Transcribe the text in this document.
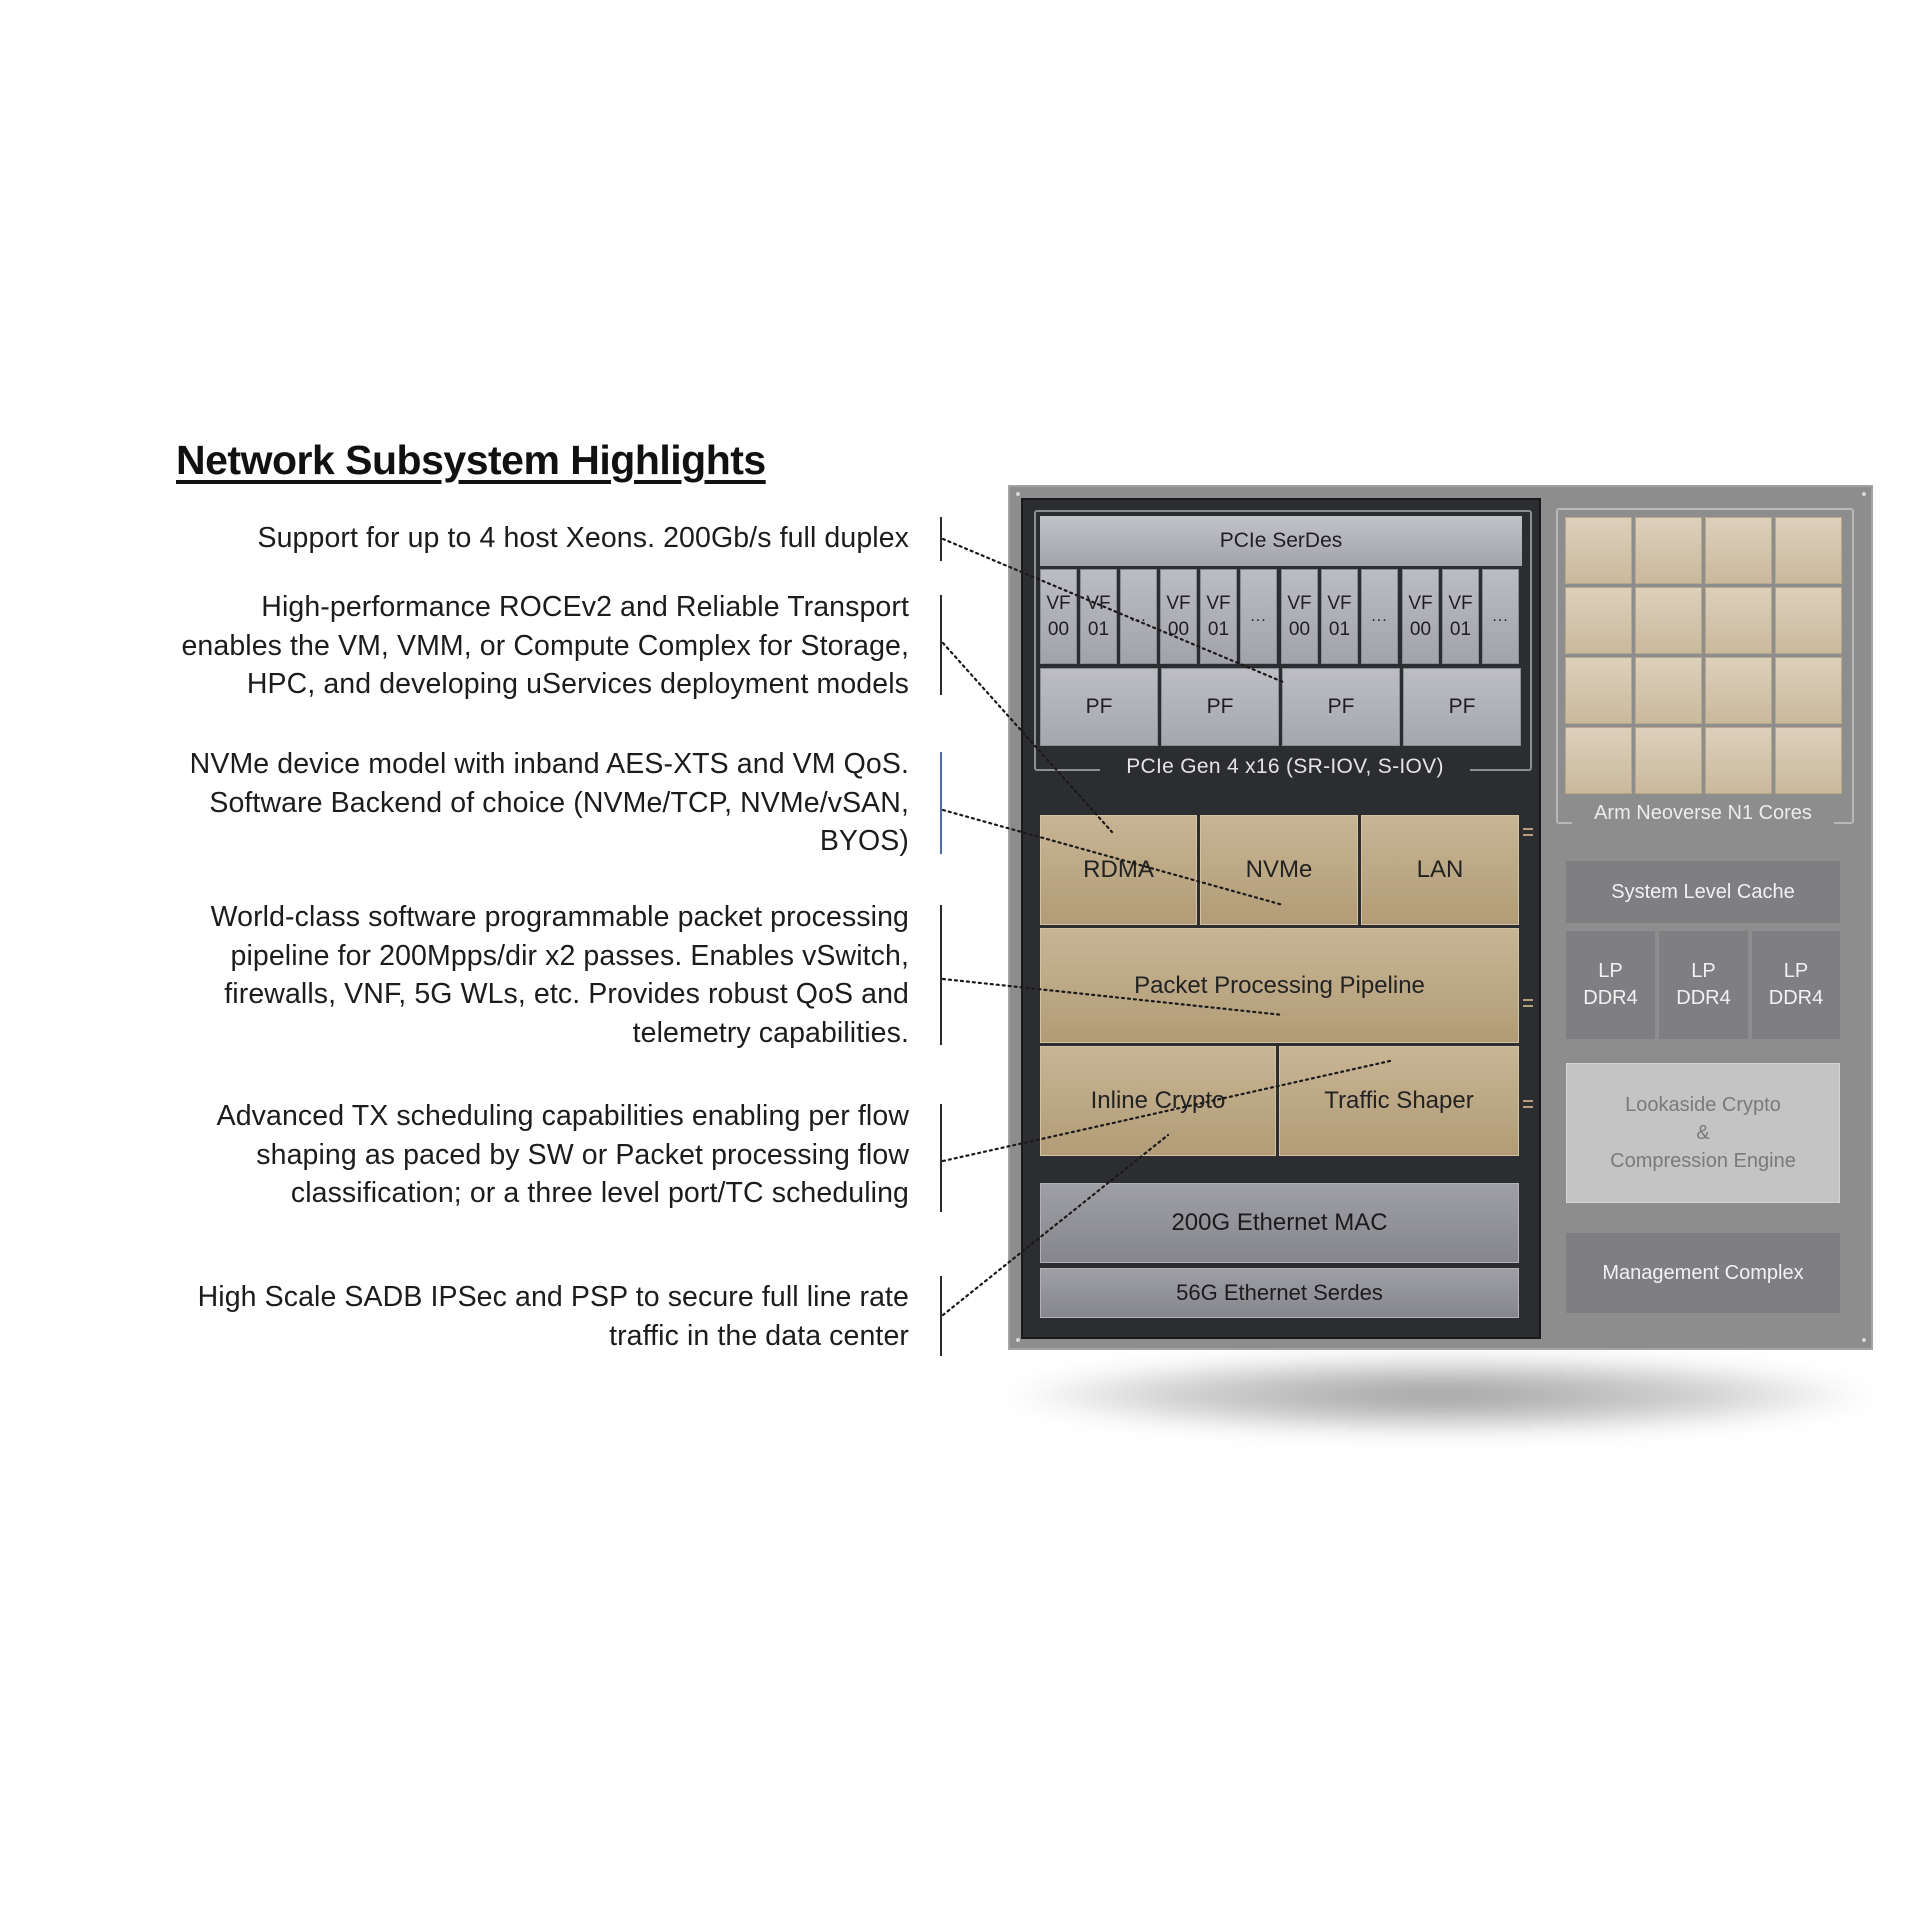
Network Subsystem Highlights
Support for up to 4 host Xeons. 200Gb/s full duplex
High-performance ROCEv2 and Reliable Transport
enables the VM, VMM, or Compute Complex for Storage,
HPC, and developing uServices deployment models
NVMe device model with inband AES-XTS and VM QoS.
Software Backend of choice (NVMe/TCP, NVMe/vSAN,
BYOS)
World-class software programmable packet processing
pipeline for 200Mpps/dir x2 passes. Enables vSwitch,
firewalls, VNF, 5G WLs, etc. Provides robust QoS and
telemetry capabilities.
Advanced TX scheduling capabilities enabling per flow
shaping as paced by SW or Packet processing flow
classification; or a three level port/TC scheduling
High Scale SADB IPSec and PSP to secure full line rate
traffic in the data center
PCIe SerDes
VF
00
VF
01
...
VF
00
VF
01
...
VF
00
VF
01
...
VF
00
VF
01
...
PF	PF	PF	PF
PCIe Gen 4 x16 (SR-IOV, S-IOV)
RDMA	NVMe	LAN
Packet Processing Pipeline
Inline Crypto	Traffic Shaper
200G Ethernet MAC
56G Ethernet Serdes
Arm Neoverse N1 Cores
System Level Cache
LP
DDR4
LP
DDR4
LP
DDR4
Lookaside Crypto
&
Compression Engine
Management Complex
